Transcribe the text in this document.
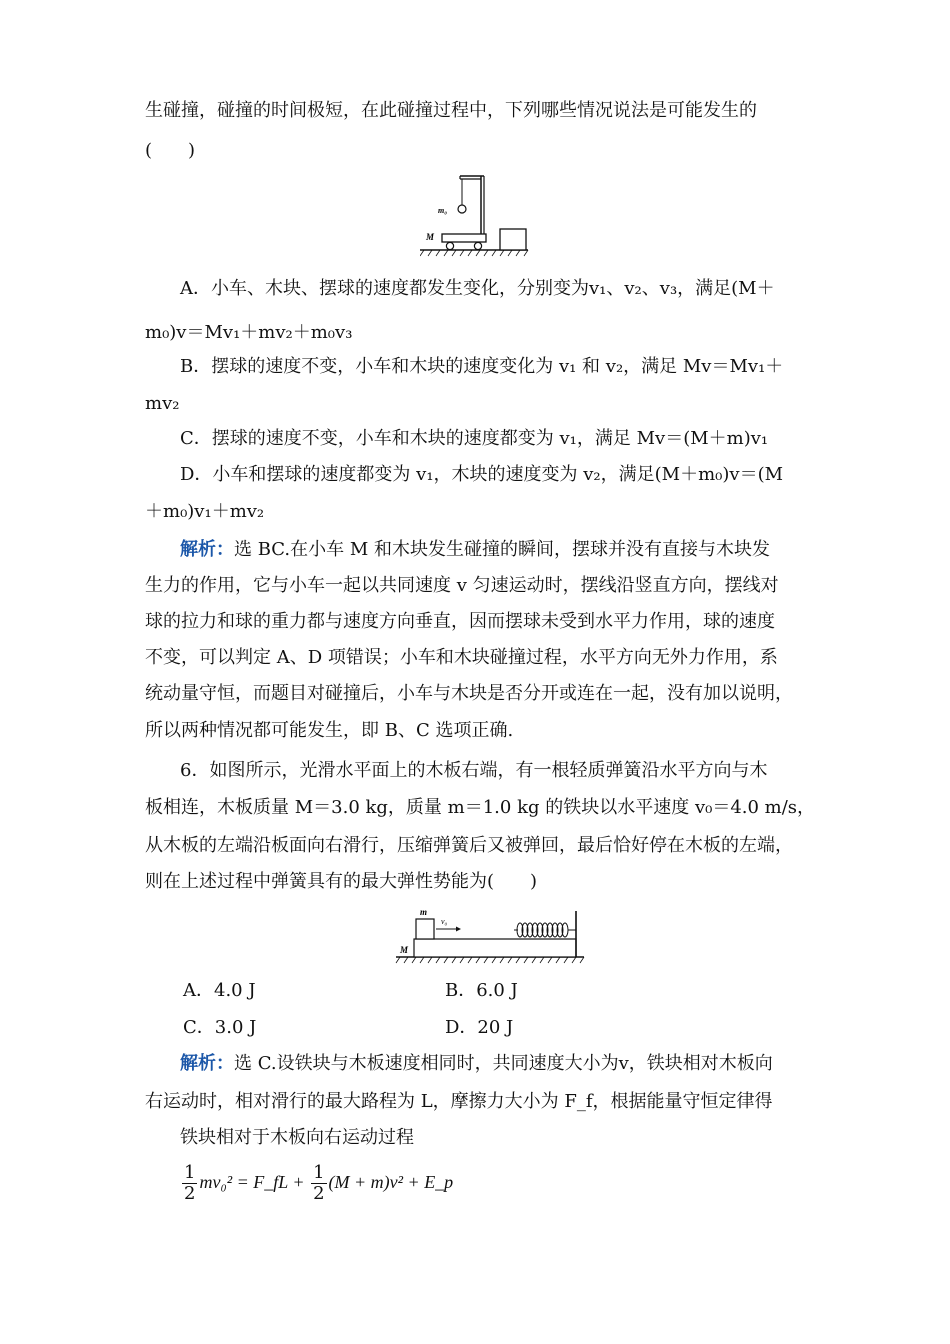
生碰撞，碰撞的时间极短，在此碰撞过程中，下列哪些情况说法是可能发生的
(　　)
m₀
M
A．小车、木块、摆球的速度都发生变化，分别变为v₁、v₂、v₃，满足(M＋
m₀)v＝Mv₁＋mv₂＋m₀v₃
B．摆球的速度不变，小车和木块的速度变化为 v₁ 和 v₂，满足 Mv＝Mv₁＋
mv₂
C．摆球的速度不变，小车和木块的速度都变为 v₁，满足 Mv＝(M＋m)v₁
D．小车和摆球的速度都变为 v₁，木块的速度变为 v₂，满足(M＋m₀)v＝(M
＋m₀)v₁＋mv₂
解析：选 BC.在小车 M 和木块发生碰撞的瞬间，摆球并没有直接与木块发
生力的作用，它与小车一起以共同速度 v 匀速运动时，摆线沿竖直方向，摆线对
球的拉力和球的重力都与速度方向垂直，因而摆球未受到水平力作用，球的速度
不变，可以判定 A、D 项错误；小车和木块碰撞过程，水平方向无外力作用，系
统动量守恒，而题目对碰撞后，小车与木块是否分开或连在一起，没有加以说明，
所以两种情况都可能发生，即 B、C 选项正确.
6．如图所示，光滑水平面上的木板右端，有一根轻质弹簧沿水平方向与木
板相连，木板质量 M＝3.0 kg，质量 m＝1.0 kg 的铁块以水平速度 v₀＝4.0 m/s，
从木板的左端沿板面向右滑行，压缩弹簧后又被弹回，最后恰好停在木板的左端，
则在上述过程中弹簧具有的最大弹性势能为(　　)
m
v₀
M
A．4.0 J	B．6.0 J
C．3.0 J	D．20 J
解析：选 C.设铁块与木板速度相同时，共同速度大小为v，铁块相对木板向
右运动时，相对滑行的最大路程为 L，摩擦力大小为 F_f，根据能量守恒定律得
铁块相对于木板向右运动过程
$\frac{1}{2} mv_0^2$ = F_fL + $\frac{1}{2} (M + m)v^2$ + E_p
